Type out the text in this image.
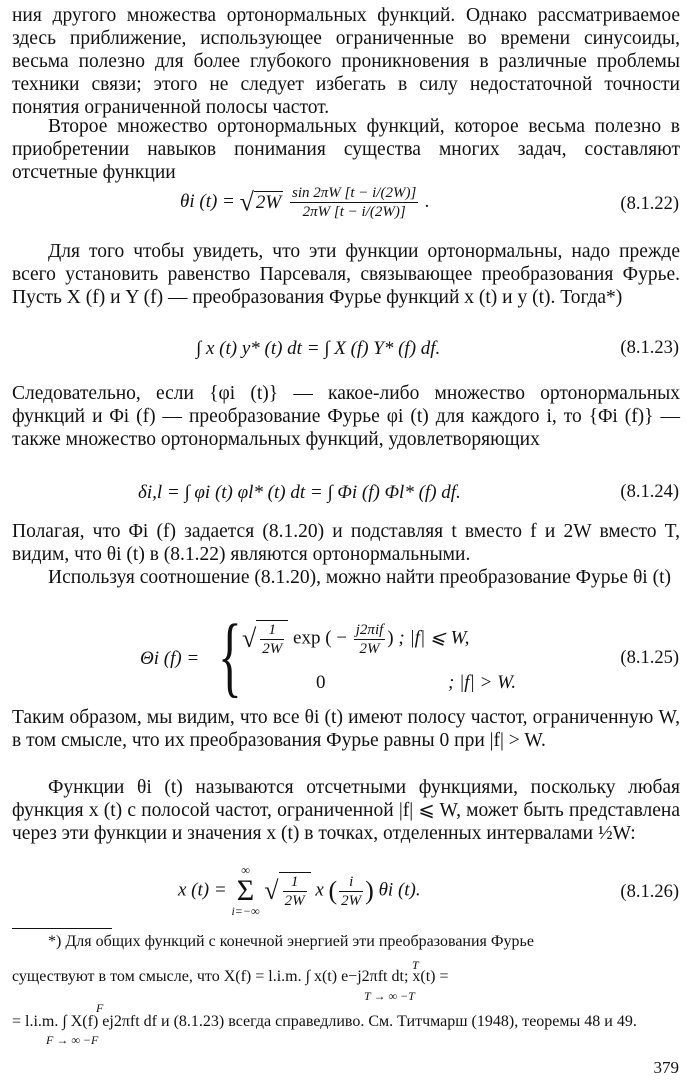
ния другого множества ортонормальных функций. Однако рассматриваемое здесь приближение, использующее ограниченные во времени синусоиды, весьма полезно для более глубокого проникновения в различные проблемы техники связи; этого не следует избегать в силу недостаточной точности понятия ограниченной полосы частот.

Второе множество ортонормальных функций, которое весьма полезно в приобретении навыков понимания существа многих задач, составляют отсчетные функции

θi (t) = √ $2W \frac{\sin 2\pi W [t - i/(2W)]}{2\pi W [t - i/(2W)]}$ .	(8.1.22)

Для того чтобы увидеть, что эти функции ортонормальны, надо прежде всего установить равенство Парсеваля, связывающее преобразования Фурье. Пусть X (f) и Y (f) — преобразования Фурье функций x (t) и y (t). Тогда*)

∫ x (t) y* (t) dt = ∫ X (f) Y* (f) df.	(8.1.23)

Следовательно, если {φi (t)} — какое-либо множество ортонормальных функций и Φi (f) — преобразование Фурье φi (t) для каждого i, то {Φi (f)} — также множество ортонормальных функций, удовлетворяющих

δi,l = ∫ φi (t) φl* (t) dt = ∫ Φi (f) Φl* (f) df.	(8.1.24)

Полагая, что Φi (f) задается (8.1.20) и подставляя t вместо f и 2W вместо T, видим, что θi (t) в (8.1.22) являются ортонормальными.

Используя соотношение (8.1.20), можно найти преобразование Фурье θi (t)

Θi (f) = { √ $\frac{1}{2W}$ exp ( − $\frac{\text{j2πif}}{2W}$ ) ; |f| ⩽ W,
0	; |f| > W.
(8.1.25)

Таким образом, мы видим, что все θi (t) имеют полосу частот, ограниченную W, в том смысле, что их преобразования Фурье равны 0 при |f| > W.

Функции θi (t) называются отсчетными функциями, поскольку любая функция x (t) с полосой частот, ограниченной |f| ⩽ W, может быть представлена через эти функции и значения x (t) в точках, отделенных интервалами ½W:

x (t) =
∞
Σ
i=−∞
√ $\frac{1}{2W}$ x ( $\frac{i}{2W}$ ) θi (t).	(8.1.26)

*) Для общих функций с конечной энергией эти преобразования Фурье

T

существуют в том смысле, что X(f) = l.i.m. ∫ x(t) e−j2πft dt; x(t) =

T → ∞ −T
F

= l.i.m. ∫ X(f) ej2πft df и (8.1.23) всегда справедливо. См. Титчмарш (1948), теоремы 48 и 49.

F → ∞ −F
379
